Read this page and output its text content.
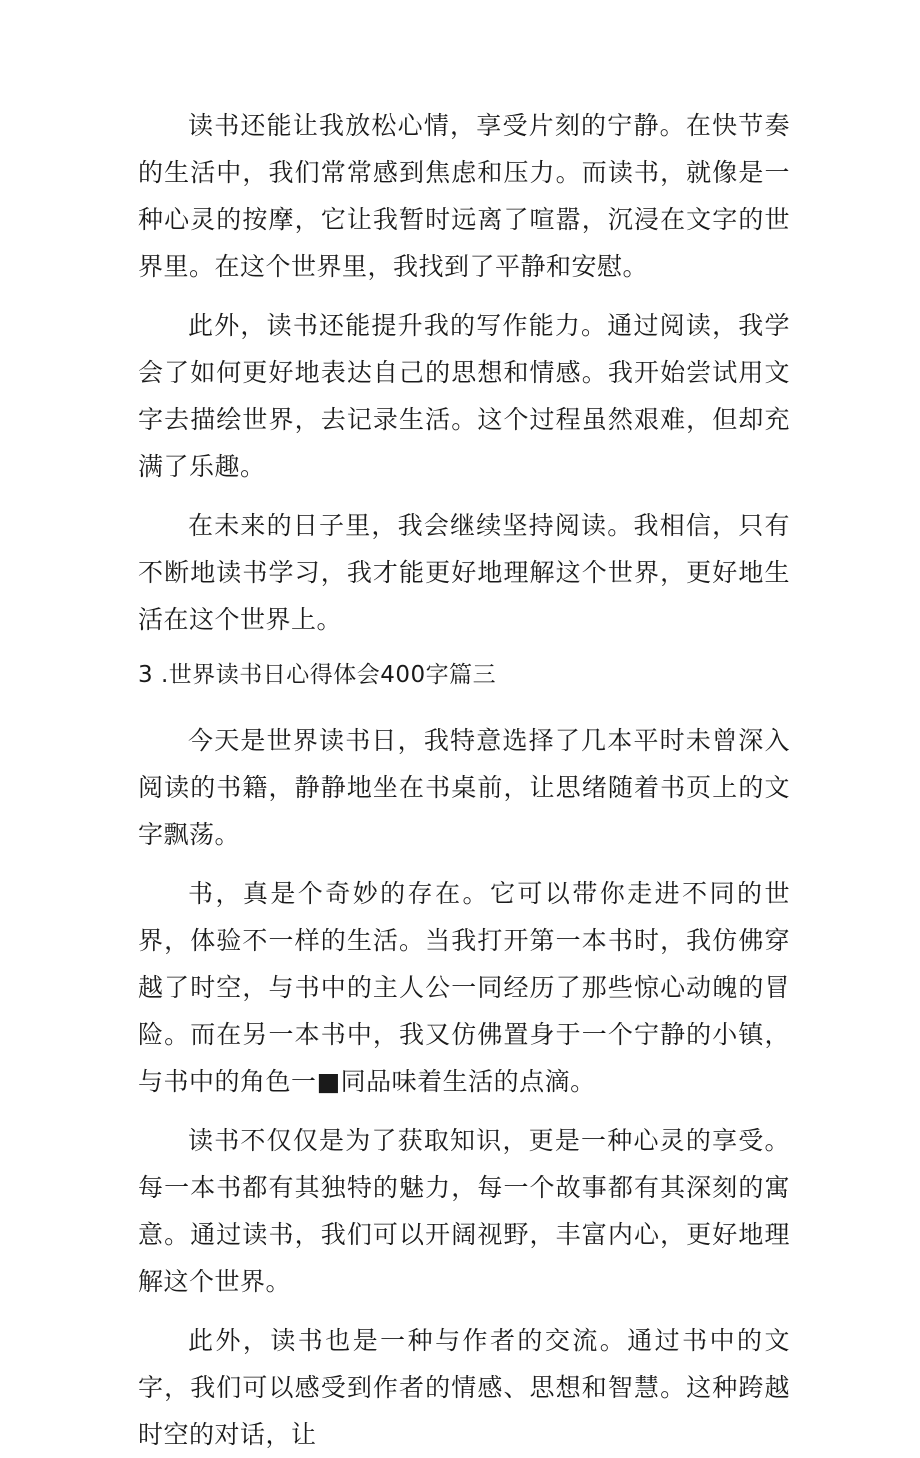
读书还能让我放松心情，享受片刻的宁静。在快节奏的生活中，我们常常感到焦虑和压力。而读书，就像是一种心灵的按摩，它让我暂时远离了喧嚣，沉浸在文字的世界里。在这个世界里，我找到了平静和安慰。

此外，读书还能提升我的写作能力。通过阅读，我学会了如何更好地表达自己的思想和情感。我开始尝试用文字去描绘世界，去记录生活。这个过程虽然艰难，但却充满了乐趣。

在未来的日子里，我会继续坚持阅读。我相信，只有不断地读书学习，我才能更好地理解这个世界，更好地生活在这个世界上。

3 .世界读书日心得体会400字篇三

今天是世界读书日，我特意选择了几本平时未曾深入阅读的书籍，静静地坐在书桌前，让思绪随着书页上的文字飘荡。

书，真是个奇妙的存在。它可以带你走进不同的世界，体验不一样的生活。当我打开第一本书时，我仿佛穿越了时空，与书中的主人公一同经历了那些惊心动魄的冒险。而在另一本书中，我又仿佛置身于一个宁静的小镇，与书中的角色一■同品味着生活的点滴。

读书不仅仅是为了获取知识，更是一种心灵的享受。每一本书都有其独特的魅力，每一个故事都有其深刻的寓意。通过读书，我们可以开阔视野，丰富内心，更好地理解这个世界。

此外，读书也是一种与作者的交流。通过书中的文字，我们可以感受到作者的情感、思想和智慧。这种跨越时空的对话，让
